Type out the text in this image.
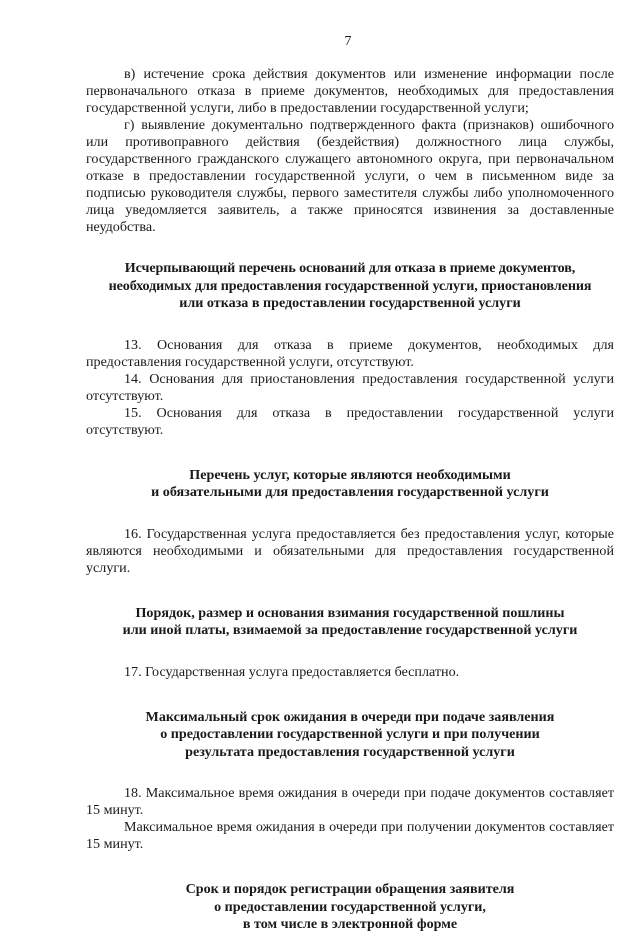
7

в) истечение срока действия документов или изменение информации после первоначального отказа в приеме документов, необходимых для предоставления государственной услуги, либо в предоставлении государственной услуги;

г) выявление документально подтвержденного факта (признаков) ошибочного или противоправного действия (бездействия) должностного лица службы, государственного гражданского служащего автономного округа, при первоначальном отказе в предоставлении государственной услуги, о чем в письменном виде за подписью руководителя службы, первого заместителя службы либо уполномоченного лица уведомляется заявитель, а также приносятся извинения за доставленные неудобства.

Исчерпывающий перечень оснований для отказа в приеме документов,

необходимых для предоставления государственной услуги, приостановления

или отказа в предоставлении государственной услуги

13. Основания для отказа в приеме документов, необходимых для предоставления государственной услуги, отсутствуют.

14. Основания для приостановления предоставления государственной услуги отсутствуют.

15. Основания для отказа в предоставлении государственной услуги отсутствуют.

Перечень услуг, которые являются необходимыми

и обязательными для предоставления государственной услуги

16. Государственная услуга предоставляется без предоставления услуг, которые являются необходимыми и обязательными для предоставления государственной услуги.

Порядок, размер и основания взимания государственной пошлины

или иной платы, взимаемой за предоставление государственной услуги

17. Государственная услуга предоставляется бесплатно.

Максимальный срок ожидания в очереди при подаче заявления

о предоставлении государственной услуги и при получении

результата предоставления государственной услуги

18. Максимальное время ожидания в очереди при подаче документов составляет 15 минут.

Максимальное время ожидания в очереди при получении документов составляет 15 минут.

Срок и порядок регистрации обращения заявителя

о предоставлении государственной услуги,

в том числе в электронной форме
